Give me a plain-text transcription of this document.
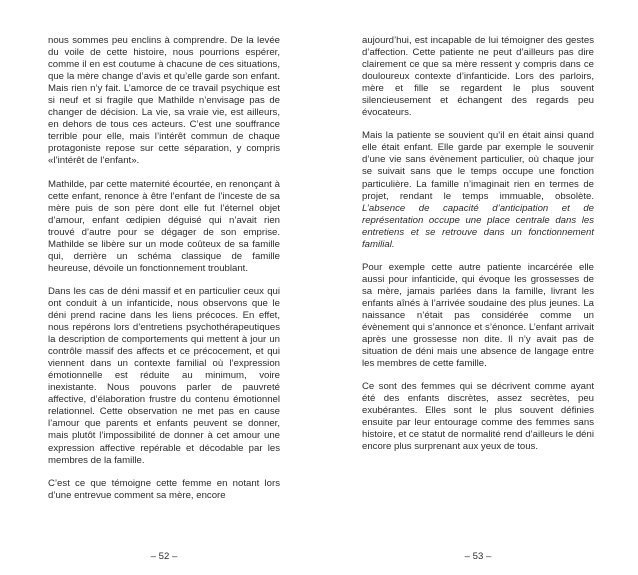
nous sommes peu enclins à comprendre. De la levée du voile de cette histoire, nous pourrions espérer, comme il en est coutume à chacune de ces situations, que la mère change d’avis et qu’elle garde son enfant. Mais rien n’y fait. L’amorce de ce travail psychique est si neuf et si fragile que Mathilde n’envisage pas de changer de décision. La vie, sa vraie vie, est ailleurs, en dehors de tous ces acteurs. C’est une souffrance terrible pour elle, mais l’intérêt commun de chaque protagoniste repose sur cette séparation, y compris «l’intérêt de l’enfant».

Mathilde, par cette maternité écourtée, en renonçant à cette enfant, renonce à être l’enfant de l’inceste de sa mère puis de son père dont elle fut l’éternel objet d’amour, enfant œdipien déguisé qui n’avait rien trouvé d’autre pour se dégager de son emprise. Mathilde se libère sur un mode coûteux de sa famille qui, derrière un schéma classique de famille heureuse, dévoile un fonctionnement troublant.

Dans les cas de déni massif et en particulier ceux qui ont conduit à un infanticide, nous observons que le déni prend racine dans les liens précoces. En effet, nous repérons lors d’entretiens psychothérapeutiques la description de comportements qui mettent à jour un contrôle massif des affects et ce précocement, et qui viennent dans un contexte familial où l’expression émotionnelle est réduite au minimum, voire inexistante. Nous pouvons parler de pauvreté affective, d’élaboration frustre du contenu émotionnel relationnel. Cette observation ne met pas en cause l’amour que parents et enfants peuvent se donner, mais plutôt l’impossibilité de donner à cet amour une expression affective repérable et décodable par les membres de la famille.

C’est ce que témoigne cette femme en notant lors d’une entrevue comment sa mère, encore

– 52 –

aujourd’hui, est incapable de lui témoigner des gestes d’affection. Cette patiente ne peut d’ailleurs pas dire clairement ce que sa mère ressent y compris dans ce douloureux contexte d’infanticide. Lors des parloirs, mère et fille se regardent le plus souvent silencieusement et échangent des regards peu évocateurs.

Mais la patiente se souvient qu’il en était ainsi quand elle était enfant. Elle garde par exemple le souvenir d’une vie sans évènement particulier, où chaque jour se suivait sans que le temps occupe une fonction particulière. La famille n’imaginait rien en termes de projet, rendant le temps immuable, obsolète. L’absence de capacité d’anticipation et de représentation occupe une place centrale dans les entretiens et se retrouve dans un fonctionnement familial.

Pour exemple cette autre patiente incarcérée elle aussi pour infanticide, qui évoque les grossesses de sa mère, jamais parlées dans la famille, livrant les enfants aînés à l’arrivée soudaine des plus jeunes. La naissance n’était pas considérée comme un évènement qui s’annonce et s’énonce. L’enfant arrivait après une grossesse non dite. Il n’y avait pas de situation de déni mais une absence de langage entre les membres de cette famille.

Ce sont des femmes qui se décrivent comme ayant été des enfants discrètes, assez secrètes, peu exubérantes. Elles sont le plus souvent définies ensuite par leur entourage comme des femmes sans histoire, et ce statut de normalité rend d’ailleurs le déni encore plus surprenant aux yeux de tous.

– 53 –
